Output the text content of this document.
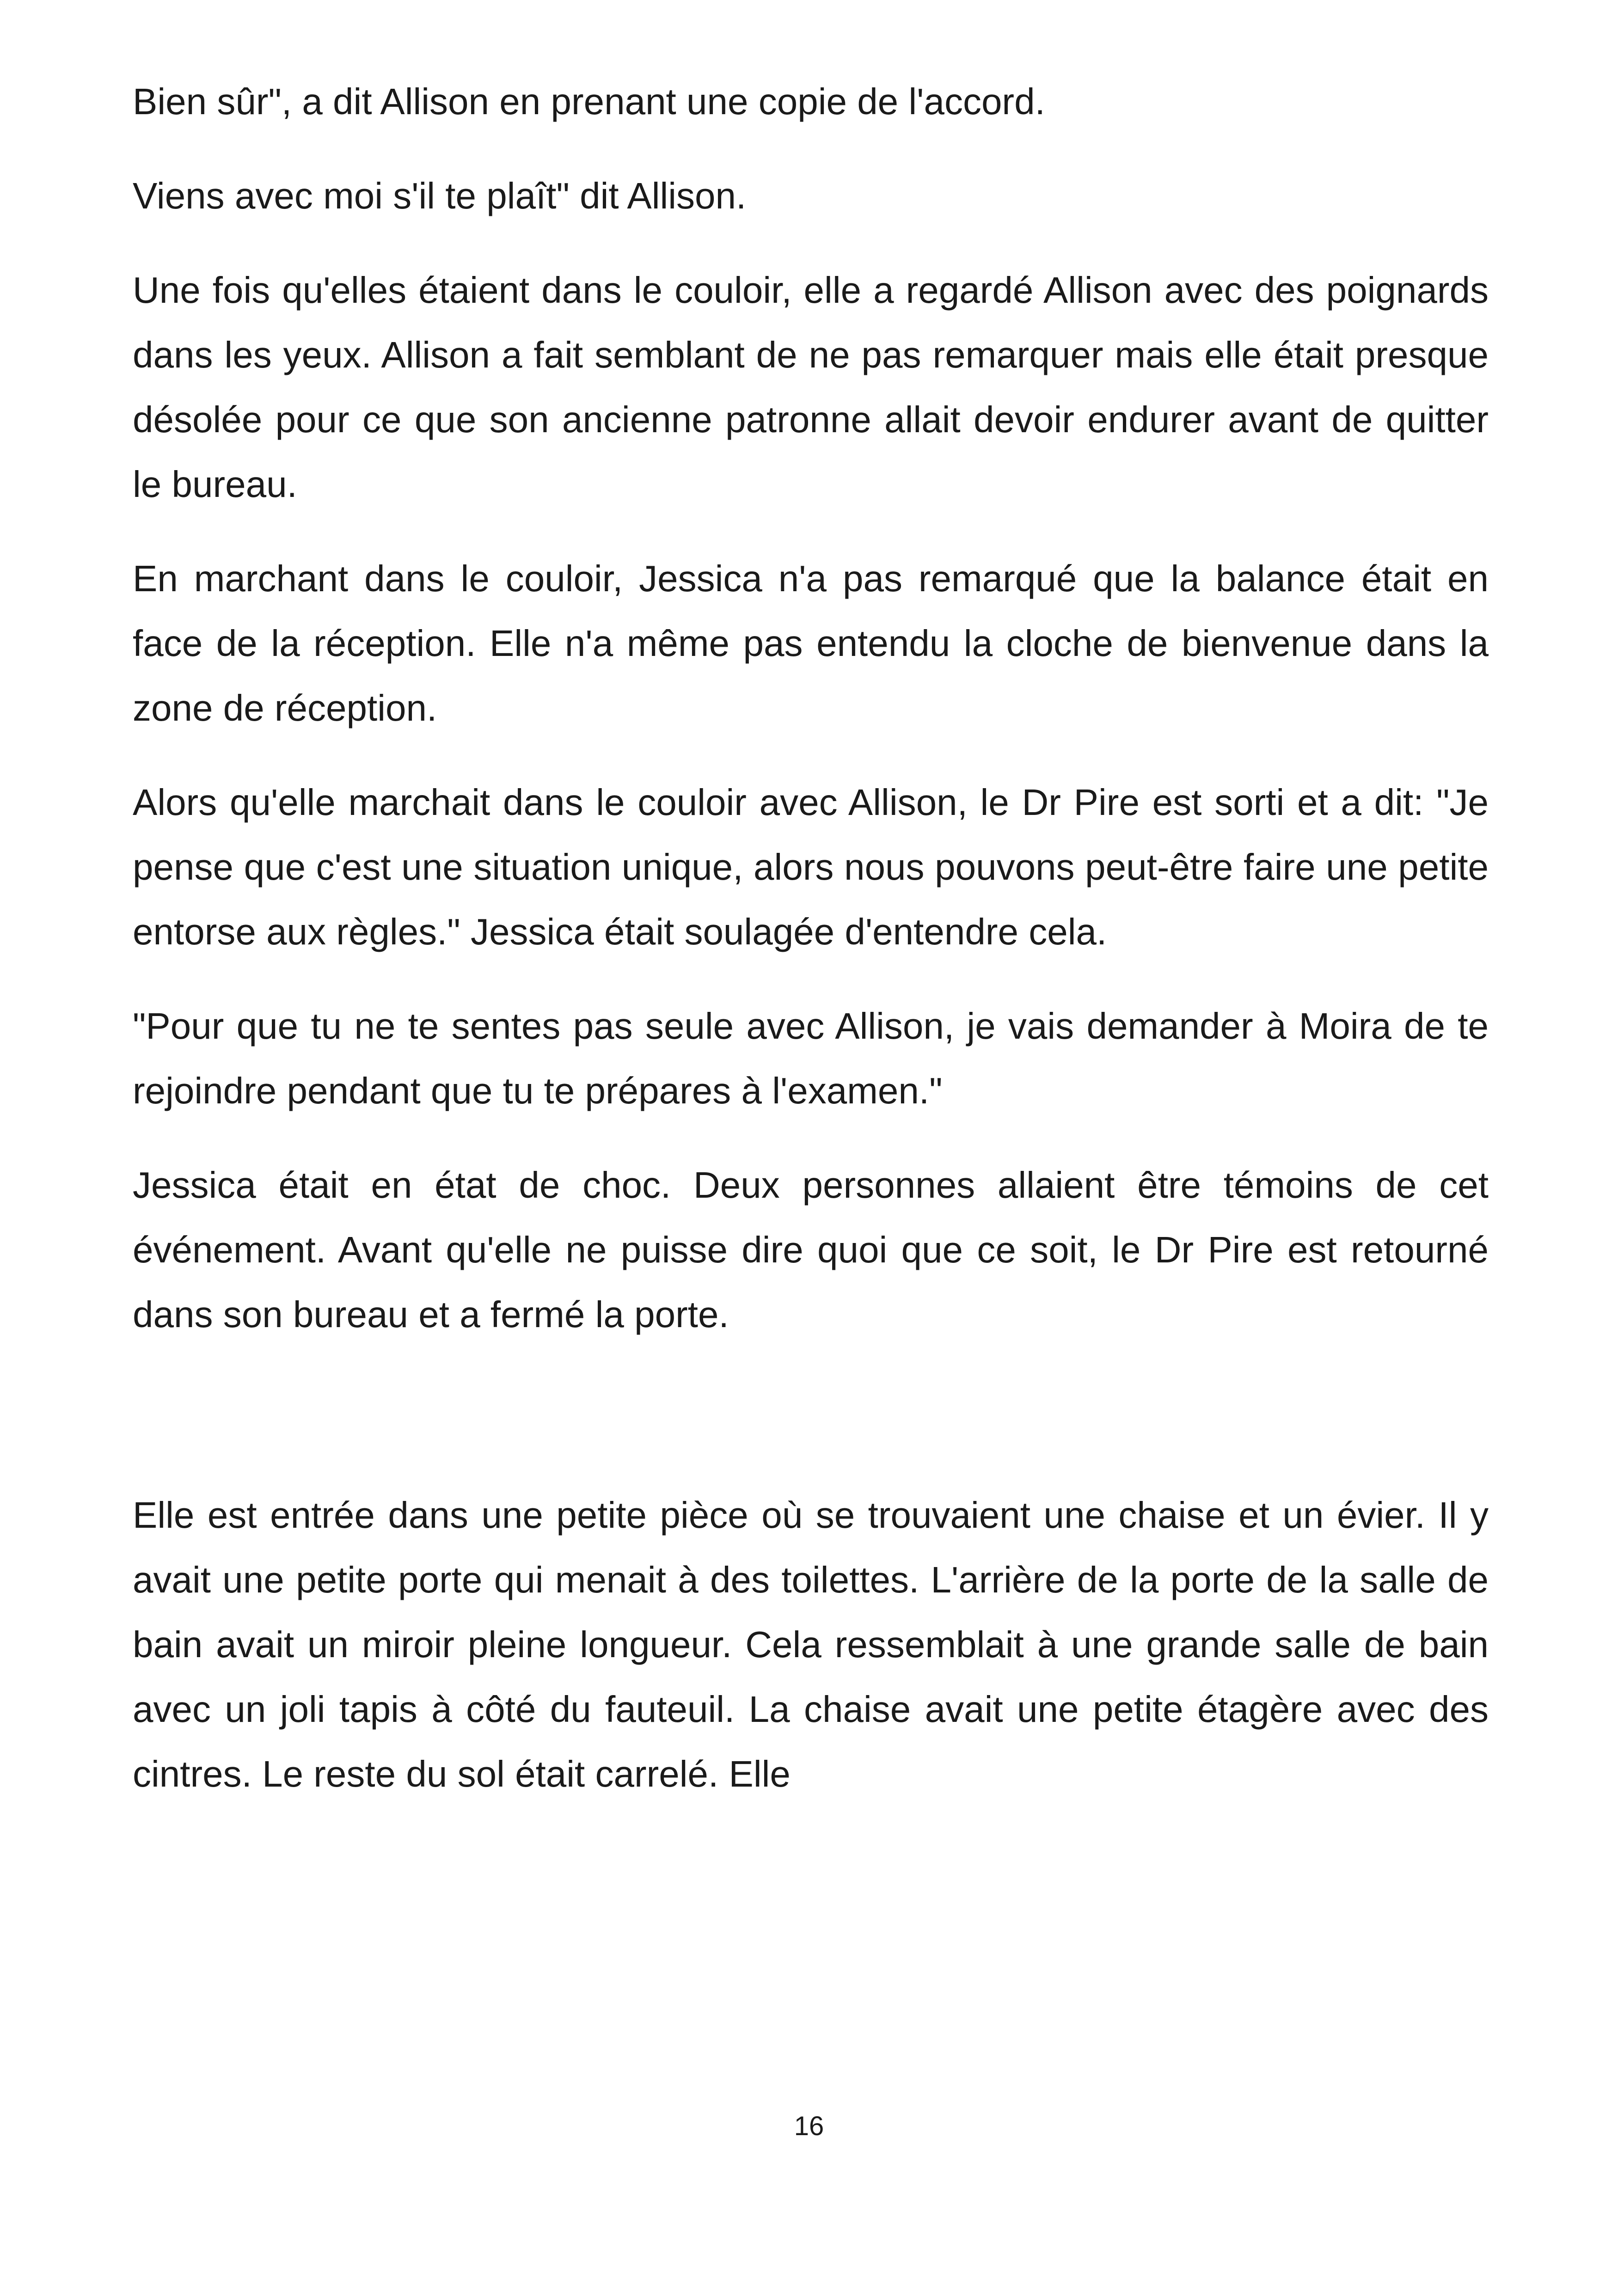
Bien sûr", a dit Allison en prenant une copie de l'accord.

Viens avec moi s'il te plaît" dit Allison.

Une fois qu'elles étaient dans le couloir, elle a regardé Allison avec des poignards dans les yeux. Allison a fait semblant de ne pas remarquer mais elle était presque désolée pour ce que son ancienne patronne allait devoir endurer avant de quitter le bureau.

En marchant dans le couloir, Jessica n'a pas remarqué que la balance était en face de la réception. Elle n'a même pas entendu la cloche de bienvenue dans la zone de réception.

Alors qu'elle marchait dans le couloir avec Allison, le Dr Pire est sorti et a dit: "Je pense que c'est une situation unique, alors nous pouvons peut-être faire une petite entorse aux règles." Jessica était soulagée d'entendre cela.

"Pour que tu ne te sentes pas seule avec Allison, je vais demander à Moira de te rejoindre pendant que tu te prépares à l'examen."

Jessica était en état de choc. Deux personnes allaient être témoins de cet événement. Avant qu'elle ne puisse dire quoi que ce soit, le Dr Pire est retourné dans son bureau et a fermé la porte.

Elle est entrée dans une petite pièce où se trouvaient une chaise et un évier. Il y avait une petite porte qui menait à des toilettes. L'arrière de la porte de la salle de bain avait un miroir pleine longueur. Cela ressemblait à une grande salle de bain avec un joli tapis à côté du fauteuil. La chaise avait une petite étagère avec des cintres. Le reste du sol était carrelé. Elle

16
